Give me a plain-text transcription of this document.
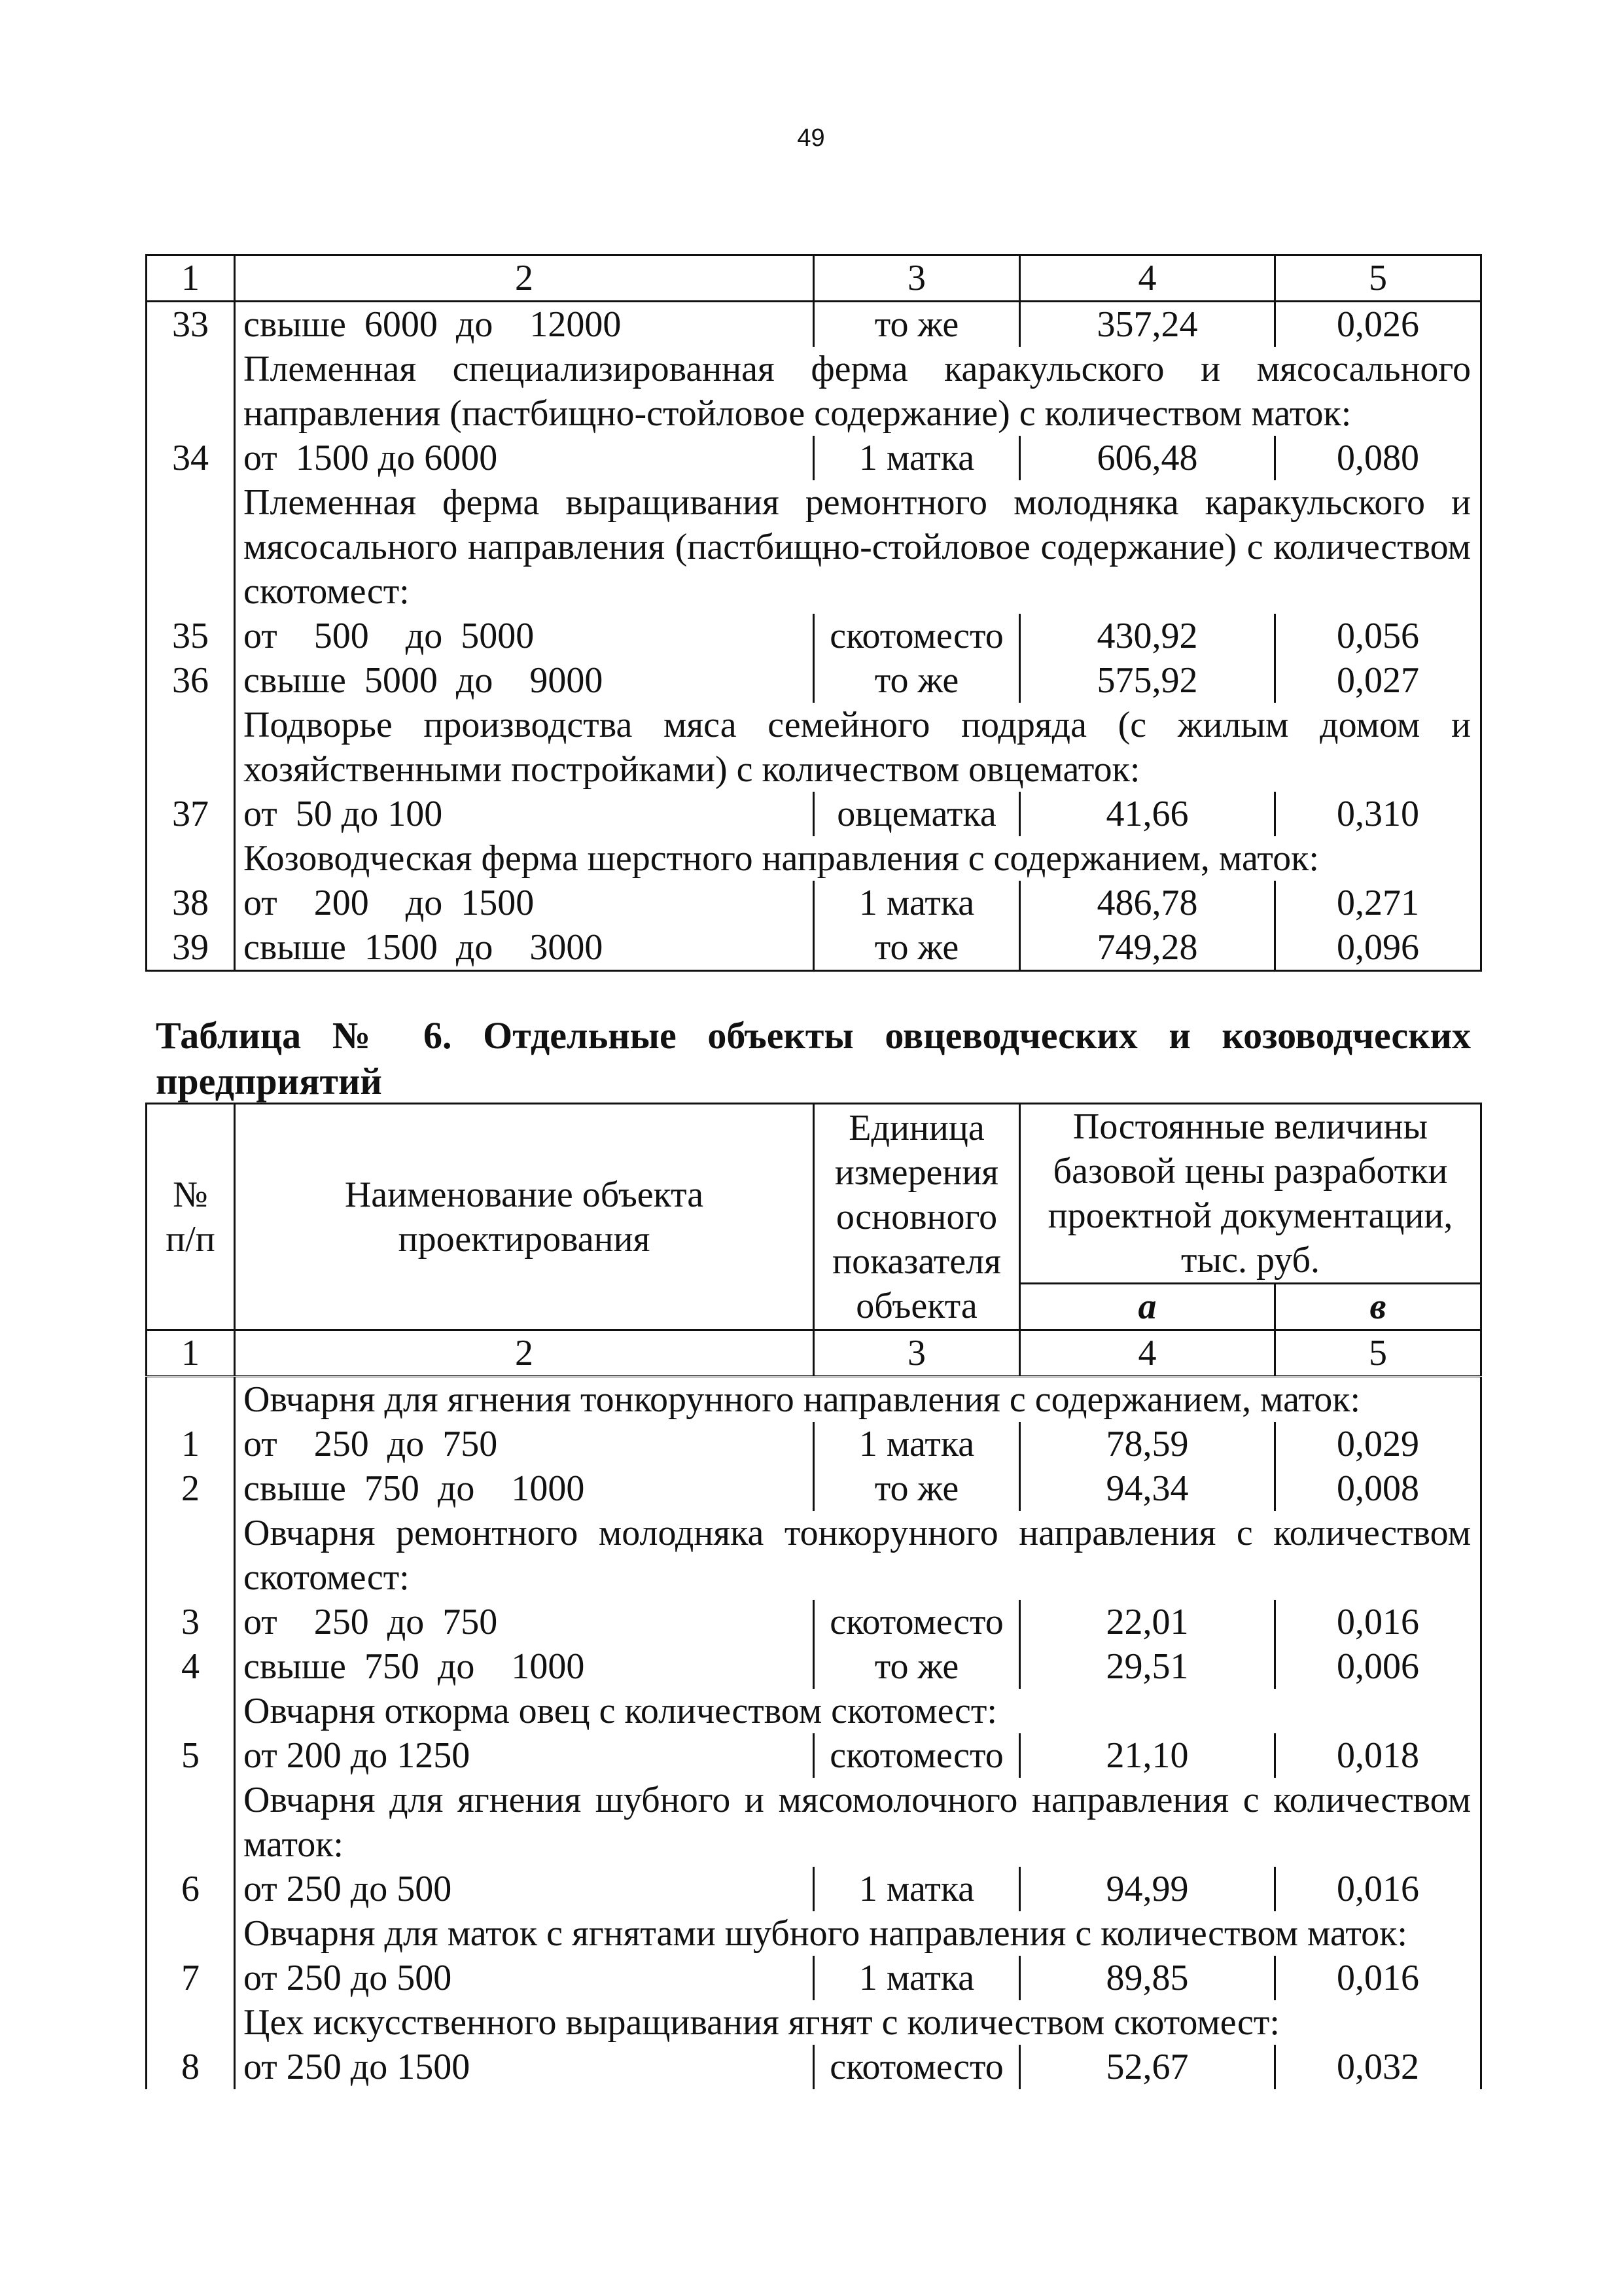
49
1	2	3	4	5
33	свыше  6000  до    12000	то же	357,24	0,026
	Племенная специализированная ферма каракульского и мясосального направления (пастбищно-стойловое содержание) с количеством маток:			
34	от  1500 до 6000	1 матка	606,48	0,080
	Племенная ферма выращивания ремонтного молодняка каракульского и мясосального направления (пастбищно-стойловое содержание) с количеством скотомест:			
35	от    500    до  5000	скотоместо	430,92	0,056
36	свыше  5000  до    9000	то же	575,92	0,027
	Подворье производства мяса семейного подряда (с жилым домом и хозяйственными постройками) с количеством овцематок:			
37	от  50 до 100	овцематка	41,66	0,310
	Козоводческая ферма шерстного направления с содержанием, маток:			
38	от    200    до  1500	1 матка	486,78	0,271
39	свыше  1500  до    3000	то же	749,28	0,096
Таблица № 6. Отдельные объекты овцеводческих и козоводческих
предприятий
№ п/п	Наименование объекта проектирования	Единица измерения основного показателя объекта	Постоянные величины базовой цены разработки проектной документации, тыс. руб.	
			а	в
1	2	3	4	5
	Овчарня для ягнения тонкорунного направления с содержанием, маток:			
1	от    250  до  750	1 матка	78,59	0,029
2	свыше  750  до    1000	то же	94,34	0,008
	Овчарня ремонтного молодняка тонкорунного направления с количеством скотомест:			
3	от    250  до  750	скотоместо	22,01	0,016
4	свыше  750  до    1000	то же	29,51	0,006
	Овчарня откорма овец с количеством скотомест:			
5	от 200 до 1250	скотоместо	21,10	0,018
	Овчарня для ягнения шубного и мясомолочного направления с количеством маток:			
6	от 250 до 500	1 матка	94,99	0,016
	Овчарня для маток с ягнятами шубного направления с количеством маток:			
7	от 250 до 500	1 матка	89,85	0,016
	Цех искусственного выращивания ягнят с количеством скотомест:			
8	от 250 до 1500	скотоместо	52,67	0,032
